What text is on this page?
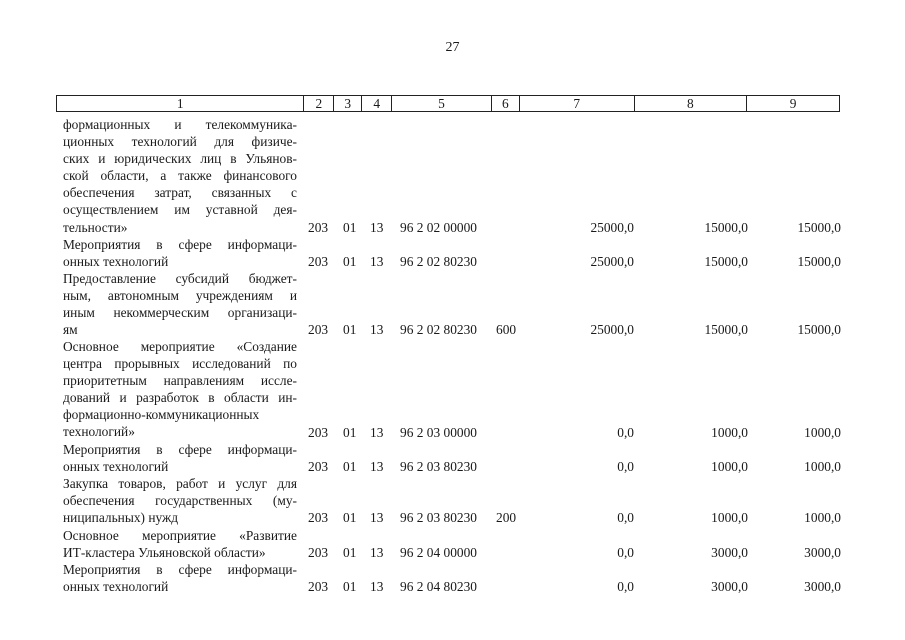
27
1	2	3	4	5	6	7	8	9
формационных и телекоммуника-
ционных технологий для физиче-
ских и юридических лиц в Ульянов-
ской области, а также финансового
обеспечения затрат, связанных с
осуществлением им уставной дея-
тельности»	203 01 13 96 2 02 00000	25000,0	15000,0	15000,0
Мероприятия в сфере информаци-
онных технологий	203 01 13 96 2 02 80230	25000,0	15000,0	15000,0
Предоставление субсидий бюджет-
ным, автономным учреждениям и
иным некоммерческим организаци-
ям	203 01 13 96 2 02 80230 600	25000,0	15000,0	15000,0
Основное мероприятие «Создание
центра прорывных исследований по
приоритетным направлениям иссле-
дований и разработок в области ин-
формационно-коммуникационных
технологий»	203 01 13 96 2 03 00000	0,0	1000,0	1000,0
Мероприятия в сфере информаци-
онных технологий	203 01 13 96 2 03 80230	0,0	1000,0	1000,0
Закупка товаров, работ и услуг для
обеспечения государственных (му-
ниципальных) нужд	203 01 13 96 2 03 80230 200	0,0	1000,0	1000,0
Основное мероприятие «Развитие
ИТ-кластера Ульяновской области»	203 01 13 96 2 04 00000	0,0	3000,0	3000,0
Мероприятия в сфере информаци-
онных технологий	203 01 13 96 2 04 80230	0,0	3000,0	3000,0
